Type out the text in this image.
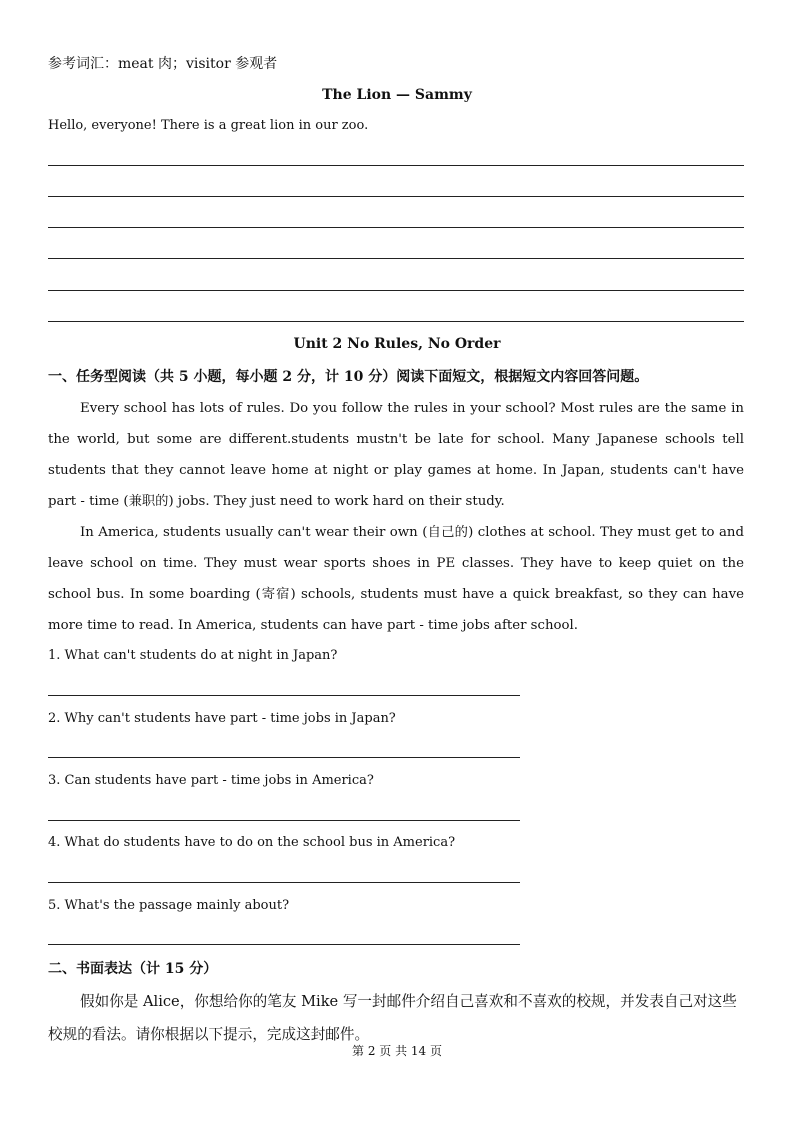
参考词汇：meat 肉；visitor 参观者
The Lion — Sammy
Hello, everyone! There is a great lion in our zoo.
Unit 2 No Rules, No Order
一、任务型阅读（共 5 小题，每小题 2 分，计 10 分）阅读下面短文，根据短文内容回答问题。
Every school has lots of rules. Do you follow the rules in your school? Most rules are the same in the world, but some are different.students mustn't be late for school. Many Japanese schools tell students that they cannot leave home at night or play games at home. In Japan, students can't have part - time (兼职的) jobs. They just need to work hard on their study.
In America, students usually can't wear their own (自己的) clothes at school. They must get to and leave school on time. They must wear sports shoes in PE classes. They have to keep quiet on the school bus. In some boarding (寄宿) schools, students must have a quick breakfast, so they can have more time to read. In America, students can have part - time jobs after school.
1. What can't students do at night in Japan?
2. Why can't students have part - time jobs in Japan?
3. Can students have part - time jobs in America?
4. What do students have to do on the school bus in America?
5. What's the passage mainly about?
二、书面表达（计 15 分）
假如你是 Alice，你想给你的笔友 Mike 写一封邮件介绍自己喜欢和不喜欢的校规，并发表自己对这些校规的看法。请你根据以下提示，完成这封邮件。
第 2 页 共 14 页
